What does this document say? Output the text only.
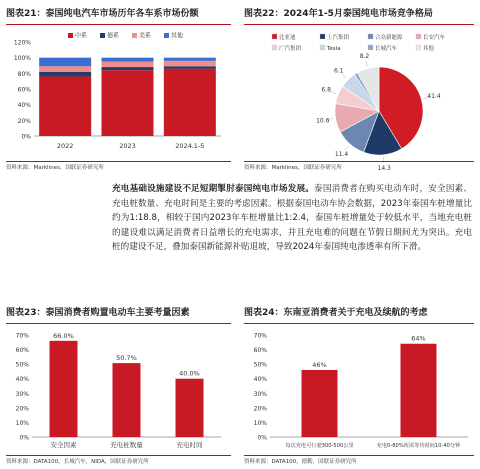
图表21：泰国纯电汽车市场历年各车系市场份额
0%
20%
40%
60%
80%
100%
120%
中系	德系	美系	其他
2022	2023	2024.1-5
资料来源：Marklines，国联证券研究所
图表22：2024年1-5月泰国纯电市场竞争格局
比亚迪	上汽集团	合众新能源	长安汽车
广汽集团	Tesla	长城汽车	其他
41.4
14.3
11.4
10.6
6.8
6.1
8.2
资料来源：Marklines，国联证券研究所
充电基础设施建设不足短期掣肘泰国纯电市场发展。泰国消费者在购买电动车时，安全因素、充电桩数量、充电时间是主要的考虑因素。根据泰国电动车协会数据，2023年泰国车桩增量比约为1:18.8，相较于国内2023年车桩增量比1:2.4，泰国车桩增量处于较低水平，当地充电桩的建设难以满足消费者日益增长的充电需求，并且充电难的问题在节假日期间尤为突出。充电桩的建设不足，叠加泰国新能源补贴退坡，导致2024年泰国纯电渗透率有所下滑。
图表23：泰国消费者购置电动车主要考量因素
0%
10%
20%
30%
40%
50%
60%
70%	66.0%
安全因素
50.7%
充电桩数量
40.0%
充电时间
资料来源：DATA100，长城汽车，NIDA，国联证券研究所
图表24：东南亚消费者关于充电及续航的考虑
0%
10%
20%
30%
40%
50%
60%
70%
46%
每次充电可行驶300-500公里
64%
充电0-80%所需等待时间10-40分钟
资料来源：DATA100，德勤，国联证券研究所
